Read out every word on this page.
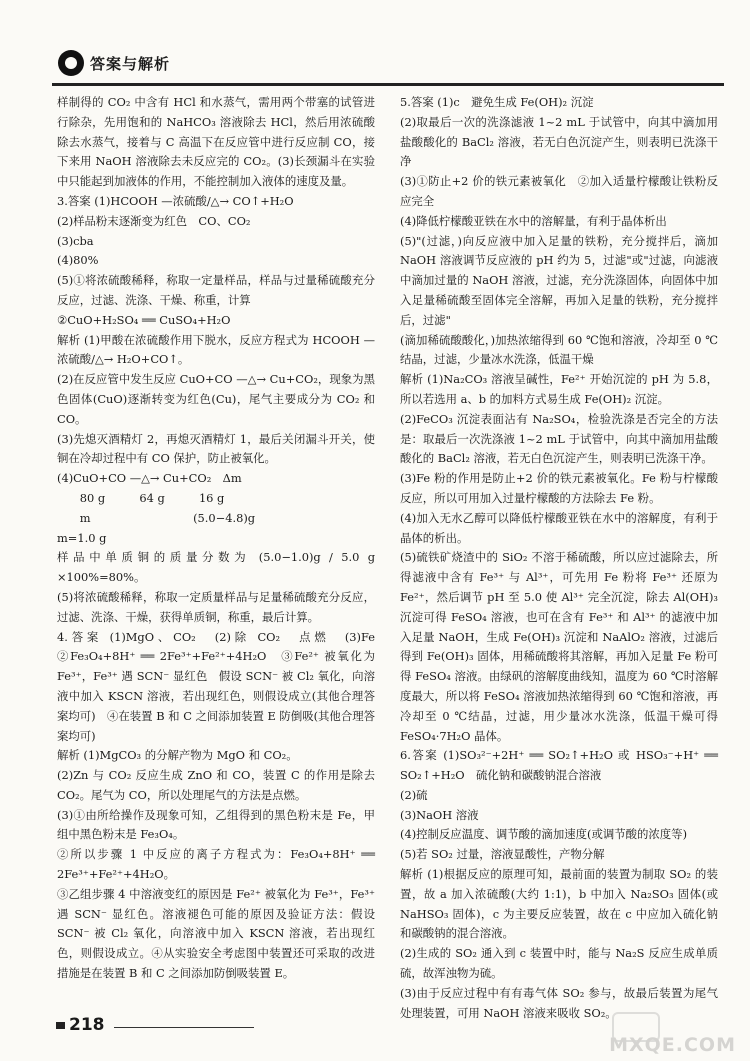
答案与解析

样制得的 CO₂ 中含有 HCl 和水蒸气，需用两个带塞的试管进行除杂，先用饱和的 NaHCO₃ 溶液除去 HCl，然后用浓硫酸除去水蒸气，接着与 C 高温下在反应管中进行反应制 CO，接下来用 NaOH 溶液除去未反应完的 CO₂。(3)长颈漏斗在实验中只能起到加液体的作用，不能控制加入液体的速度及量。

3.答案 (1)HCOOH —浓硫酸/△→ CO↑+H₂O

(2)样品粉末逐渐变为红色　CO、CO₂

(3)cba

(4)80%

(5)①将浓硫酸稀释，称取一定量样品，样品与过量稀硫酸充分反应，过滤、洗涤、干燥、称重，计算

②CuO+H₂SO₄ ══ CuSO₄+H₂O

解析 (1)甲酸在浓硫酸作用下脱水，反应方程式为 HCOOH —浓硫酸/△→ H₂O+CO↑。

(2)在反应管中发生反应 CuO+CO —△→ Cu+CO₂，现象为黑色固体(CuO)逐渐转变为红色(Cu)，尾气主要成分为 CO₂ 和 CO。

(3)先熄灭酒精灯 2，再熄灭酒精灯 1，最后关闭漏斗开关，使铜在冷却过程中有 CO 保护，防止被氧化。

(4)CuO+CO —△→ Cu+CO₂　Δm

　　80 g　　　64 g　　　16 g

　　m　　　　　　　　　(5.0−4.8)g

m=1.0 g

样品中单质铜的质量分数为 (5.0−1.0)g / 5.0 g ×100%=80%。

(5)将浓硫酸稀释，称取一定质量样品与足量稀硫酸充分反应，过滤、洗涤、干燥，获得单质铜，称重，最后计算。

4.答案 (1)MgO、CO₂　(2)除 CO₂　点燃　(3)Fe　②Fe₃O₄+8H⁺ ══ 2Fe³⁺+Fe²⁺+4H₂O　③Fe²⁺ 被氧化为 Fe³⁺，Fe³⁺ 遇 SCN⁻ 显红色　假设 SCN⁻ 被 Cl₂ 氧化，向溶液中加入 KSCN 溶液，若出现红色，则假设成立(其他合理答案均可)　④在装置 B 和 C 之间添加装置 E 防倒吸(其他合理答案均可)

解析 (1)MgCO₃ 的分解产物为 MgO 和 CO₂。

(2)Zn 与 CO₂ 反应生成 ZnO 和 CO，装置 C 的作用是除去 CO₂。尾气为 CO，所以处理尾气的方法是点燃。

(3)①由所给操作及现象可知，乙组得到的黑色粉末是 Fe，甲组中黑色粉末是 Fe₃O₄。

②所以步骤 1 中反应的离子方程式为：Fe₃O₄+8H⁺ ══ 2Fe³⁺+Fe²⁺+4H₂O。

③乙组步骤 4 中溶液变红的原因是 Fe²⁺ 被氧化为 Fe³⁺，Fe³⁺ 遇 SCN⁻ 显红色。溶液褪色可能的原因及验证方法：假设 SCN⁻ 被 Cl₂ 氧化，向溶液中加入 KSCN 溶液，若出现红色，则假设成立。④从实验安全考虑图中装置还可采取的改进措施是在装置 B 和 C 之间添加防倒吸装置 E。

5.答案 (1)c　避免生成 Fe(OH)₂ 沉淀

(2)取最后一次的洗涤滤液 1~2 mL 于试管中，向其中滴加用盐酸酸化的 BaCl₂ 溶液，若无白色沉淀产生，则表明已洗涤干净

(3)①防止+2 价的铁元素被氧化　②加入适量柠檬酸让铁粉反应完全

(4)降低柠檬酸亚铁在水中的溶解量，有利于晶体析出

(5)"(过滤，)向反应液中加入足量的铁粉，充分搅拌后，滴加 NaOH 溶液调节反应液的 pH 约为 5，过滤"或"过滤，向滤液中滴加过量的 NaOH 溶液，过滤，充分洗涤固体，向固体中加入足量稀硫酸至固体完全溶解，再加入足量的铁粉，充分搅拌后，过滤"

(滴加稀硫酸酸化，)加热浓缩得到 60 ℃饱和溶液，冷却至 0 ℃结晶，过滤，少量冰水洗涤，低温干燥

解析 (1)Na₂CO₃ 溶液呈碱性，Fe²⁺ 开始沉淀的 pH 为 5.8，所以若选用 a、b 的加料方式易生成 Fe(OH)₂ 沉淀。

(2)FeCO₃ 沉淀表面沾有 Na₂SO₄，检验洗涤是否完全的方法是：取最后一次洗涤液 1~2 mL 于试管中，向其中滴加用盐酸酸化的 BaCl₂ 溶液，若无白色沉淀产生，则表明已洗涤干净。

(3)Fe 粉的作用是防止+2 价的铁元素被氧化。Fe 粉与柠檬酸反应，所以可用加入过量柠檬酸的方法除去 Fe 粉。

(4)加入无水乙醇可以降低柠檬酸亚铁在水中的溶解度，有利于晶体的析出。

(5)硫铁矿烧渣中的 SiO₂ 不溶于稀硫酸，所以应过滤除去，所得滤液中含有 Fe³⁺ 与 Al³⁺，可先用 Fe 粉将 Fe³⁺ 还原为 Fe²⁺，然后调节 pH 至 5.0 使 Al³⁺ 完全沉淀，除去 Al(OH)₃ 沉淀可得 FeSO₄ 溶液，也可在含有 Fe³⁺ 和 Al³⁺ 的滤液中加入足量 NaOH，生成 Fe(OH)₃ 沉淀和 NaAlO₂ 溶液，过滤后得到 Fe(OH)₃ 固体，用稀硫酸将其溶解，再加入足量 Fe 粉可得 FeSO₄ 溶液。由绿矾的溶解度曲线知，温度为 60 ℃时溶解度最大，所以将 FeSO₄ 溶液加热浓缩得到 60 ℃饱和溶液，再冷却至 0 ℃结晶，过滤，用少量冰水洗涤，低温干燥可得 FeSO₄·7H₂O 晶体。

6.答案 (1)SO₃²⁻+2H⁺ ══ SO₂↑+H₂O 或 HSO₃⁻+H⁺ ══ SO₂↑+H₂O　硫化钠和碳酸钠混合溶液

(2)硫

(3)NaOH 溶液

(4)控制反应温度、调节酸的滴加速度(或调节酸的浓度等)

(5)若 SO₂ 过量，溶液显酸性，产物分解

解析 (1)根据反应的原理可知，最前面的装置为制取 SO₂ 的装置，故 a 加入浓硫酸(大约 1:1)，b 中加入 Na₂SO₃ 固体(或 NaHSO₃ 固体)，c 为主要反应装置，故在 c 中应加入硫化钠和碳酸钠的混合溶液。

(2)生成的 SO₂ 通入到 c 装置中时，能与 Na₂S 反应生成单质硫，故浑浊物为硫。

(3)由于反应过程中有有毒气体 SO₂ 参与，故最后装置为尾气处理装置，可用 NaOH 溶液来吸收 SO₂。

218
MXQE.COM
